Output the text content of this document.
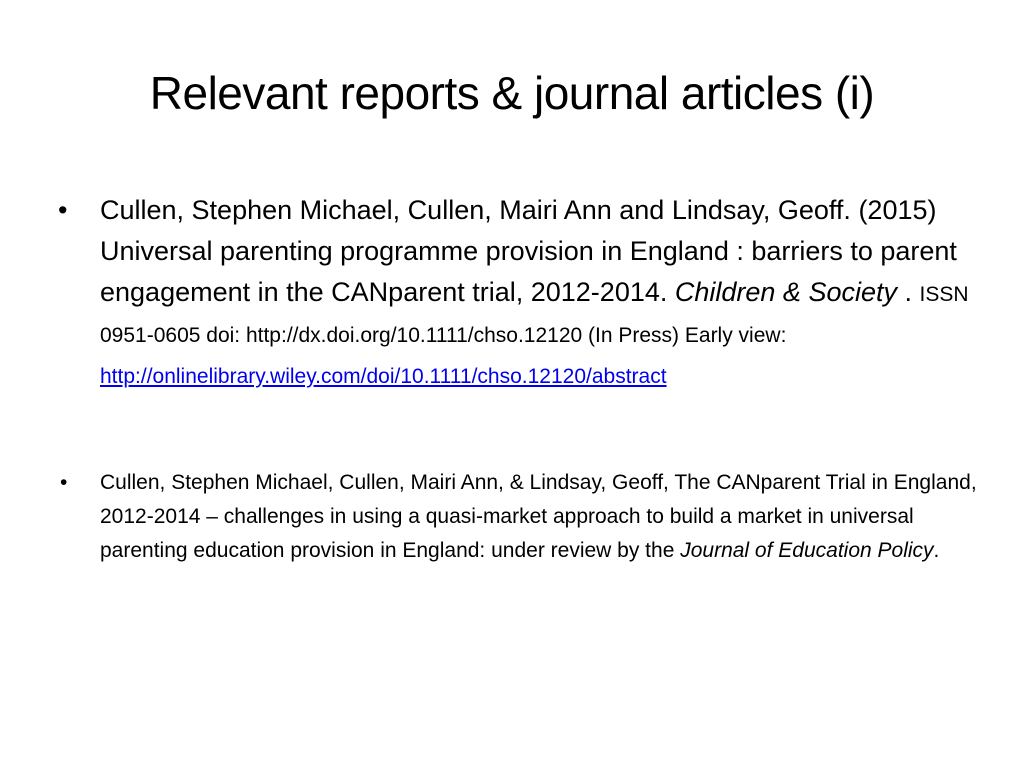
Relevant reports & journal articles (i)
• Cullen, Stephen Michael, Cullen, Mairi Ann and Lindsay, Geoff. (2015) Universal parenting programme provision in England : barriers to parent engagement in the CANparent trial, 2012-2014. Children & Society . ISSN 0951-0605 doi: http://dx.doi.org/10.1111/chso.12120 (In Press) Early view:
http://onlinelibrary.wiley.com/doi/10.1111/chso.12120/abstract
• Cullen, Stephen Michael, Cullen, Mairi Ann, & Lindsay, Geoff, The CANparent Trial in England, 2012-2014 – challenges in using a quasi-market approach to build a market in universal parenting education provision in England: under review by the Journal of Education Policy.
